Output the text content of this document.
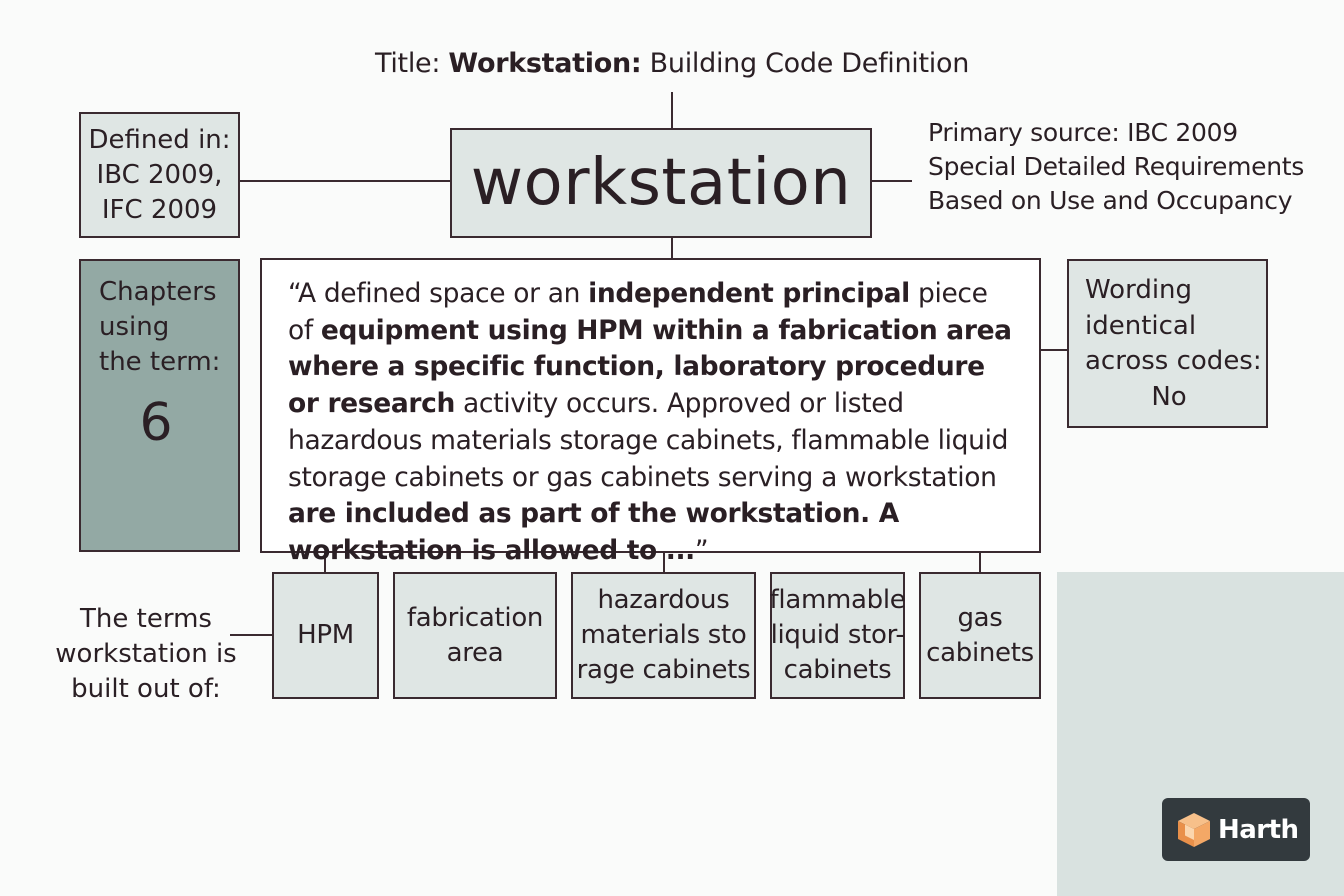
Title: Workstation: Building Code Definition
workstation
Defined in:
IBC 2009,
IFC 2009
Primary source: IBC 2009
Special Detailed Requirements
Based on Use and Occupancy
Chapters
using
the term:
6
“A defined space or an independent principal piece of equipment using HPM within a fabrication area where a specific function, laboratory procedure or research activity occurs. Approved or listed hazardous materials storage cabinets, flammable liquid storage cabinets or gas cabinets serving a workstation are included as part of the workstation. A workstation is allowed to ...”
Wording
identical
across codes:
No
The terms
workstation is
built out of:
HPM
fabrication
area
hazardous
materials sto
rage cabinets
flammable
liquid stor-
cabinets
gas
cabinets
Harth
